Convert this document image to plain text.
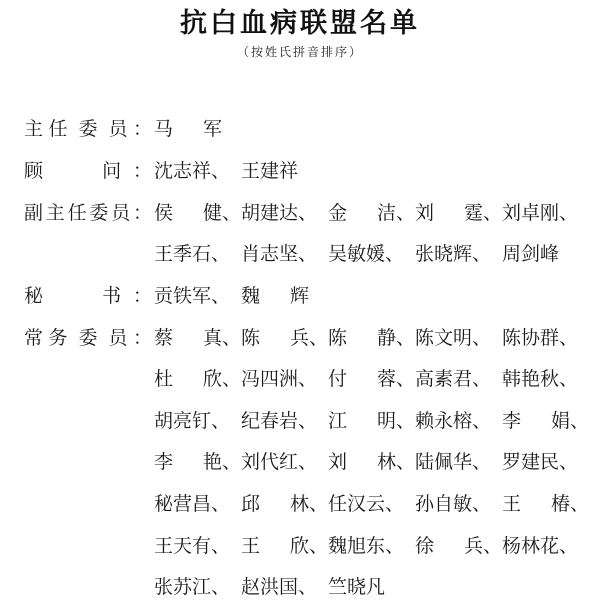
抗白血病联盟名单
（按姓氏拼音排序）
主 任 委 员 ： 马 军
顾	问 ： 沈志祥、 王建祥
副 主 任 委 员 ： 侯 健 、 胡建达、 金 洁 、 刘 霆 、 刘卓刚、
王季石、 肖志坚、 吴敏媛、 张晓辉、 周剑峰
秘	书 ： 贡铁军、 魏 辉
常 务 委 员 ： 蔡 真 、 陈 兵 、 陈 静 、 陈文明、 陈协群、
杜 欣 、 冯四洲、 付 蓉 、 高素君、 韩艳秋、
胡亮钉、 纪春岩、 江 明 、 赖永榕、 李 娟 、
李 艳 、 刘代红、 刘 林 、 陆佩华、 罗建民、
秘营昌、 邱 林 、 任汉云、 孙自敏、 王 椿 、
王天有、 王 欣 、 魏旭东、 徐 兵 、 杨林花、
张苏江、 赵洪国、 竺晓凡
